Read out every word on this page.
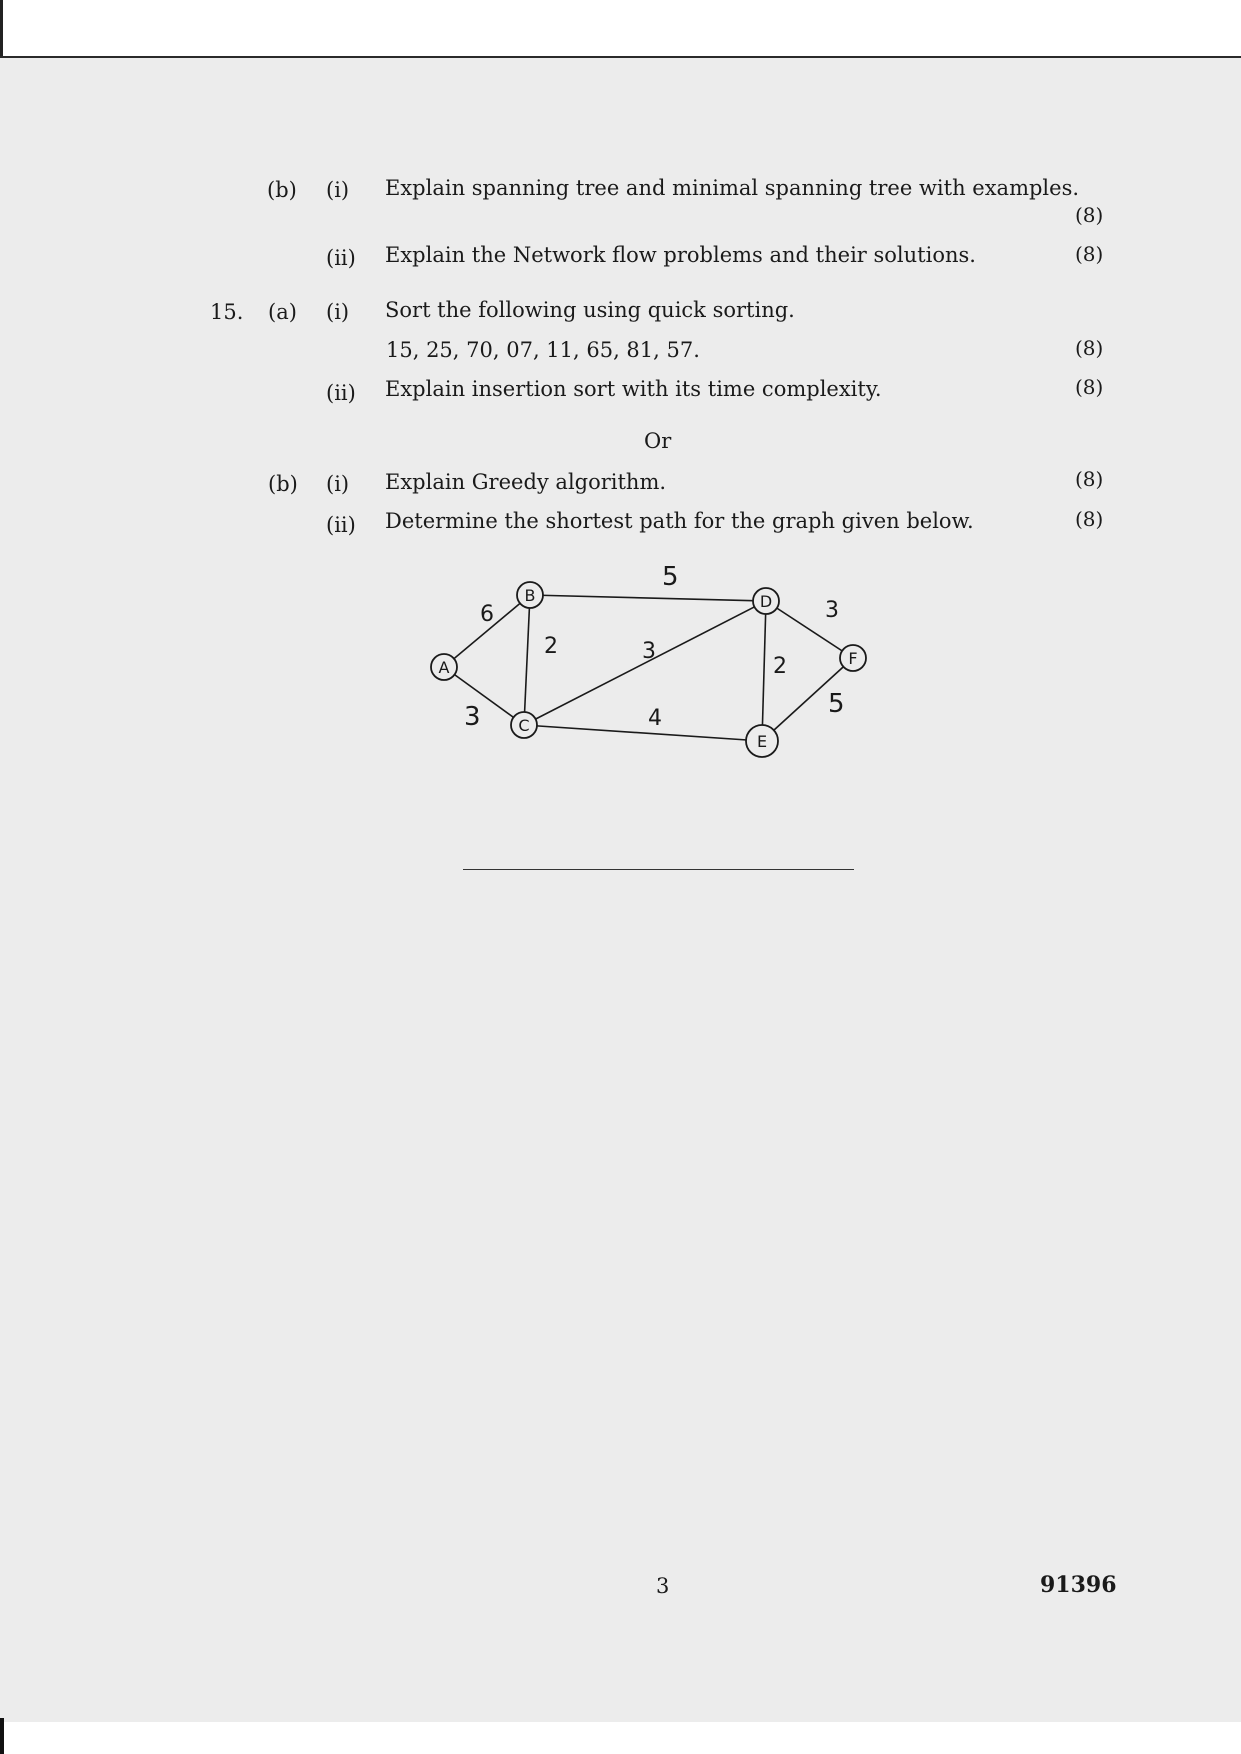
(b) (i) Explain spanning tree and minimal spanning tree with examples.
(8)
(ii) Explain the Network flow problems and their solutions.	(8)
15. (a) (i) Sort the following using quick sorting.
15, 25, 70, 07, 11, 65, 81, 57.	(8)
(ii) Explain insertion sort with its time complexity.	(8)
Or
(b) (i) Explain Greedy algorithm.	(8)
(ii) Determine the shortest path for the graph given below.	(8)
A
B
C
D
E
F
6
3
2
5
3
4
2
3
5
3	91396
